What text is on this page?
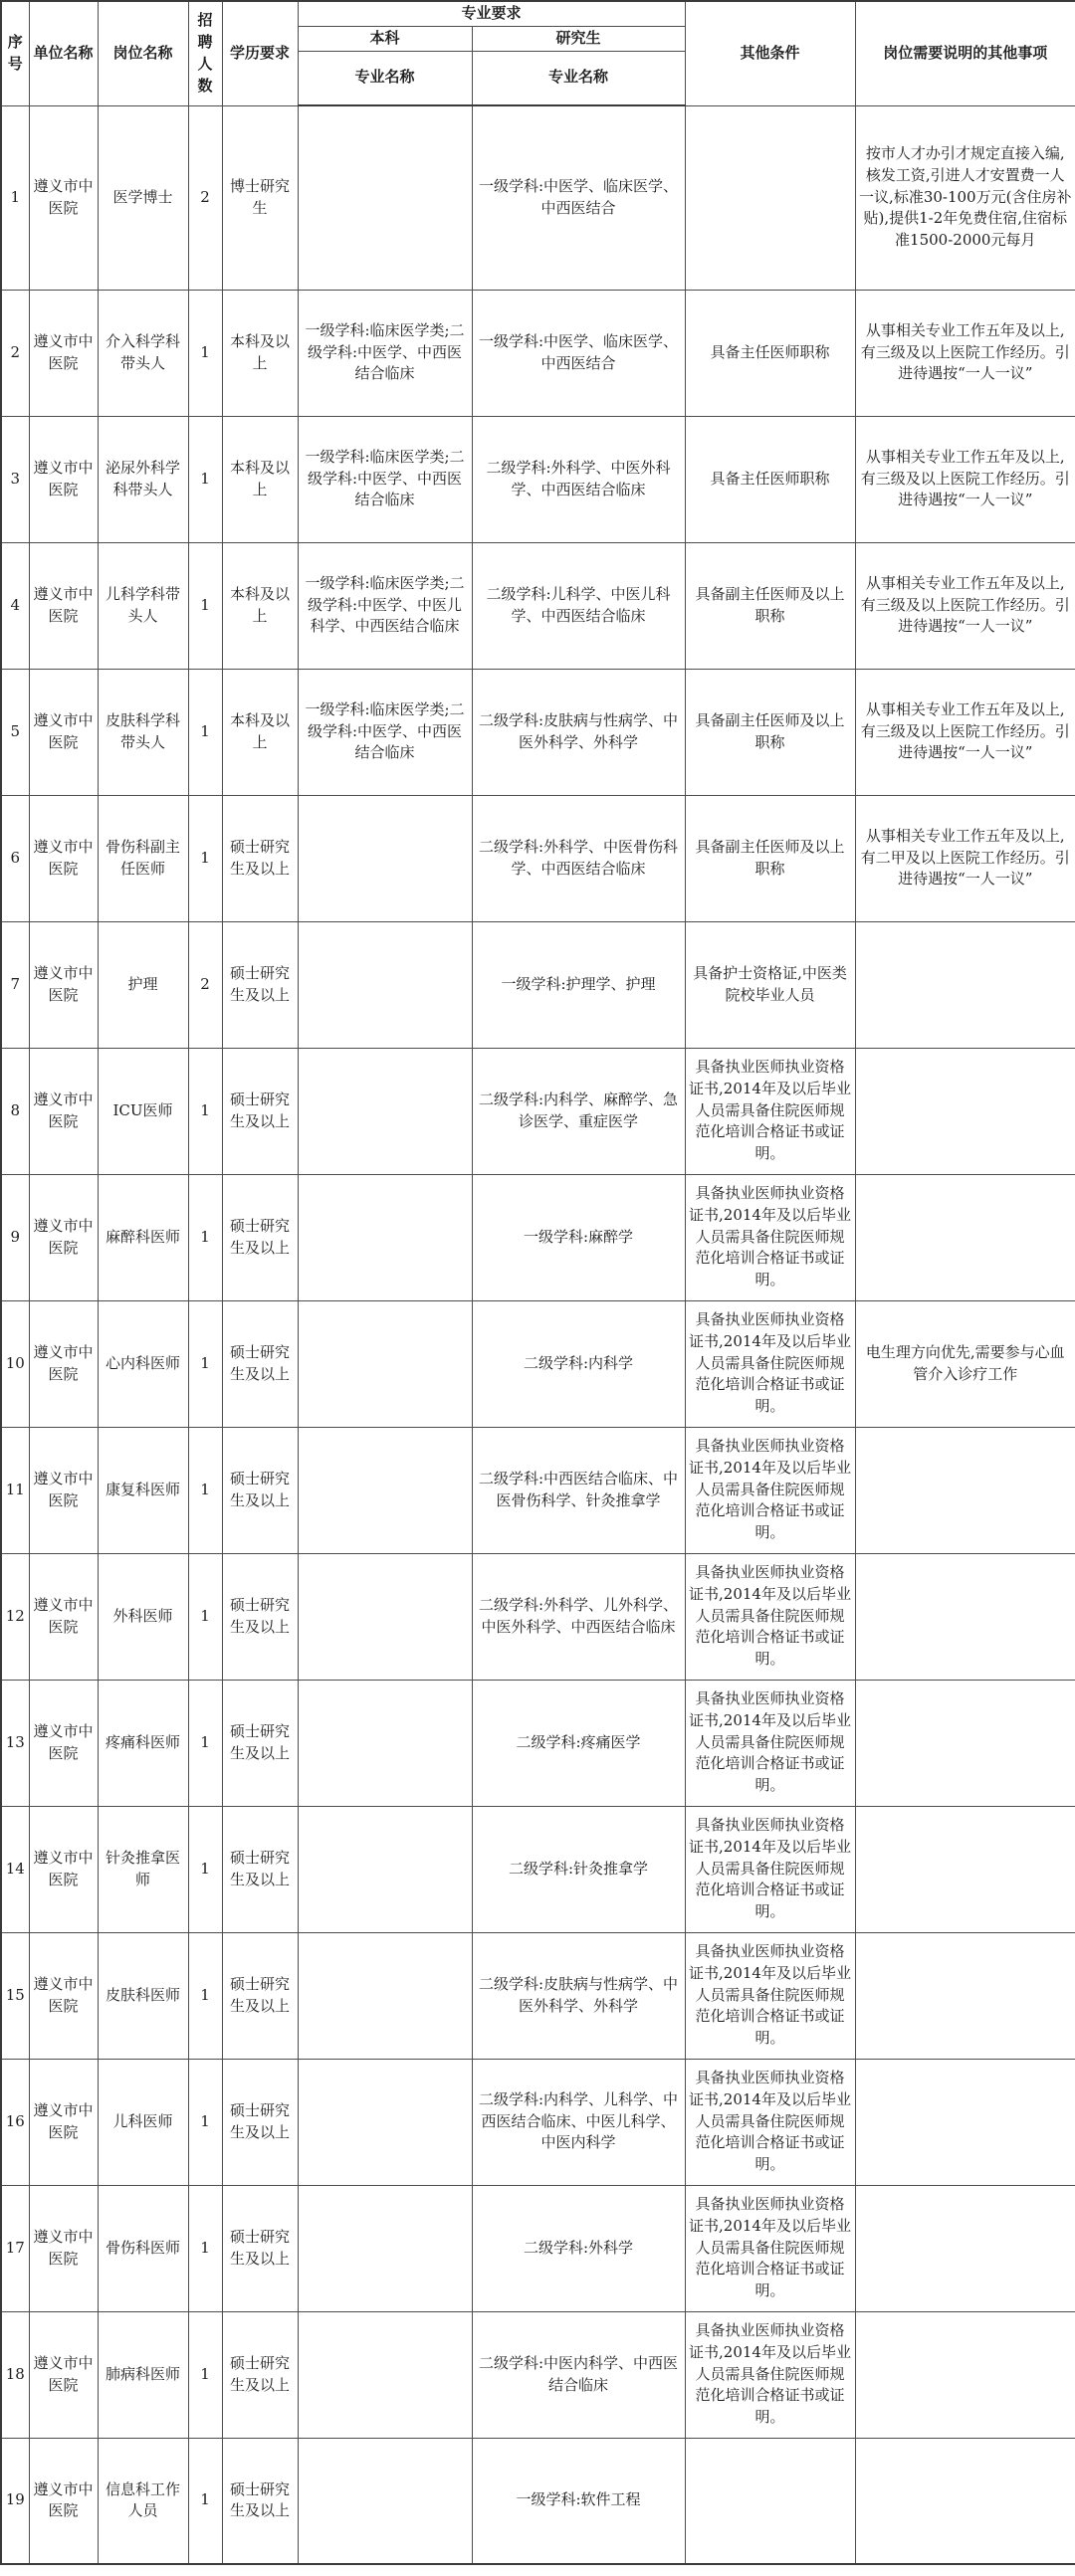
序号	单位名称	岗位名称	招聘人数	学历要求	专业要求		其他条件	岗位需要说明的其他事项
					本科	研究生		
					专业名称	专业名称		
1	遵义市中医院	医学博士	2	博士研究生		一级学科:中医学、临床医学、中西医结合		按市人才办引才规定直接入编,核发工资,引进人才安置费一人一议,标准30-100万元(含住房补贴),提供1-2年免费住宿,住宿标准1500-2000元每月
2	遵义市中医院	介入科学科带头人	1	本科及以上	一级学科:临床医学类;二级学科:中医学、中西医结合临床	一级学科:中医学、临床医学、中西医结合	具备主任医师职称	从事相关专业工作五年及以上,有三级及以上医院工作经历。引进待遇按“一人一议”
3	遵义市中医院	泌尿外科学科带头人	1	本科及以上	一级学科:临床医学类;二级学科:中医学、中西医结合临床	二级学科:外科学、中医外科学、中西医结合临床	具备主任医师职称	从事相关专业工作五年及以上,有三级及以上医院工作经历。引进待遇按“一人一议”
4	遵义市中医院	儿科学科带头人	1	本科及以上	一级学科:临床医学类;二级学科:中医学、中医儿科学、中西医结合临床	二级学科:儿科学、中医儿科学、中西医结合临床	具备副主任医师及以上职称	从事相关专业工作五年及以上,有三级及以上医院工作经历。引进待遇按“一人一议”
5	遵义市中医院	皮肤科学科带头人	1	本科及以上	一级学科:临床医学类;二级学科:中医学、中西医结合临床	二级学科:皮肤病与性病学、中医外科学、外科学	具备副主任医师及以上职称	从事相关专业工作五年及以上,有三级及以上医院工作经历。引进待遇按“一人一议”
6	遵义市中医院	骨伤科副主任医师	1	硕士研究生及以上		二级学科:外科学、中医骨伤科学、中西医结合临床	具备副主任医师及以上职称	从事相关专业工作五年及以上,有二甲及以上医院工作经历。引进待遇按“一人一议”
7	遵义市中医院	护理	2	硕士研究生及以上		一级学科:护理学、护理	具备护士资格证,中医类院校毕业人员	
8	遵义市中医院	ICU医师	1	硕士研究生及以上		二级学科:内科学、麻醉学、急诊医学、重症医学	具备执业医师执业资格证书,2014年及以后毕业人员需具备住院医师规范化培训合格证书或证明。	
9	遵义市中医院	麻醉科医师	1	硕士研究生及以上		一级学科:麻醉学	具备执业医师执业资格证书,2014年及以后毕业人员需具备住院医师规范化培训合格证书或证明。	
10	遵义市中医院	心内科医师	1	硕士研究生及以上		二级学科:内科学	具备执业医师执业资格证书,2014年及以后毕业人员需具备住院医师规范化培训合格证书或证明。	电生理方向优先,需要参与心血管介入诊疗工作
11	遵义市中医院	康复科医师	1	硕士研究生及以上		二级学科:中西医结合临床、中医骨伤科学、针灸推拿学	具备执业医师执业资格证书,2014年及以后毕业人员需具备住院医师规范化培训合格证书或证明。	
12	遵义市中医院	外科医师	1	硕士研究生及以上		二级学科:外科学、儿外科学、中医外科学、中西医结合临床	具备执业医师执业资格证书,2014年及以后毕业人员需具备住院医师规范化培训合格证书或证明。	
13	遵义市中医院	疼痛科医师	1	硕士研究生及以上		二级学科:疼痛医学	具备执业医师执业资格证书,2014年及以后毕业人员需具备住院医师规范化培训合格证书或证明。	
14	遵义市中医院	针灸推拿医师	1	硕士研究生及以上		二级学科:针灸推拿学	具备执业医师执业资格证书,2014年及以后毕业人员需具备住院医师规范化培训合格证书或证明。	
15	遵义市中医院	皮肤科医师	1	硕士研究生及以上		二级学科:皮肤病与性病学、中医外科学、外科学	具备执业医师执业资格证书,2014年及以后毕业人员需具备住院医师规范化培训合格证书或证明。	
16	遵义市中医院	儿科医师	1	硕士研究生及以上		二级学科:内科学、儿科学、中西医结合临床、中医儿科学、中医内科学	具备执业医师执业资格证书,2014年及以后毕业人员需具备住院医师规范化培训合格证书或证明。	
17	遵义市中医院	骨伤科医师	1	硕士研究生及以上		二级学科:外科学	具备执业医师执业资格证书,2014年及以后毕业人员需具备住院医师规范化培训合格证书或证明。	
18	遵义市中医院	肺病科医师	1	硕士研究生及以上		二级学科:中医内科学、中西医结合临床	具备执业医师执业资格证书,2014年及以后毕业人员需具备住院医师规范化培训合格证书或证明。	
19	遵义市中医院	信息科工作人员	1	硕士研究生及以上		一级学科:软件工程		
